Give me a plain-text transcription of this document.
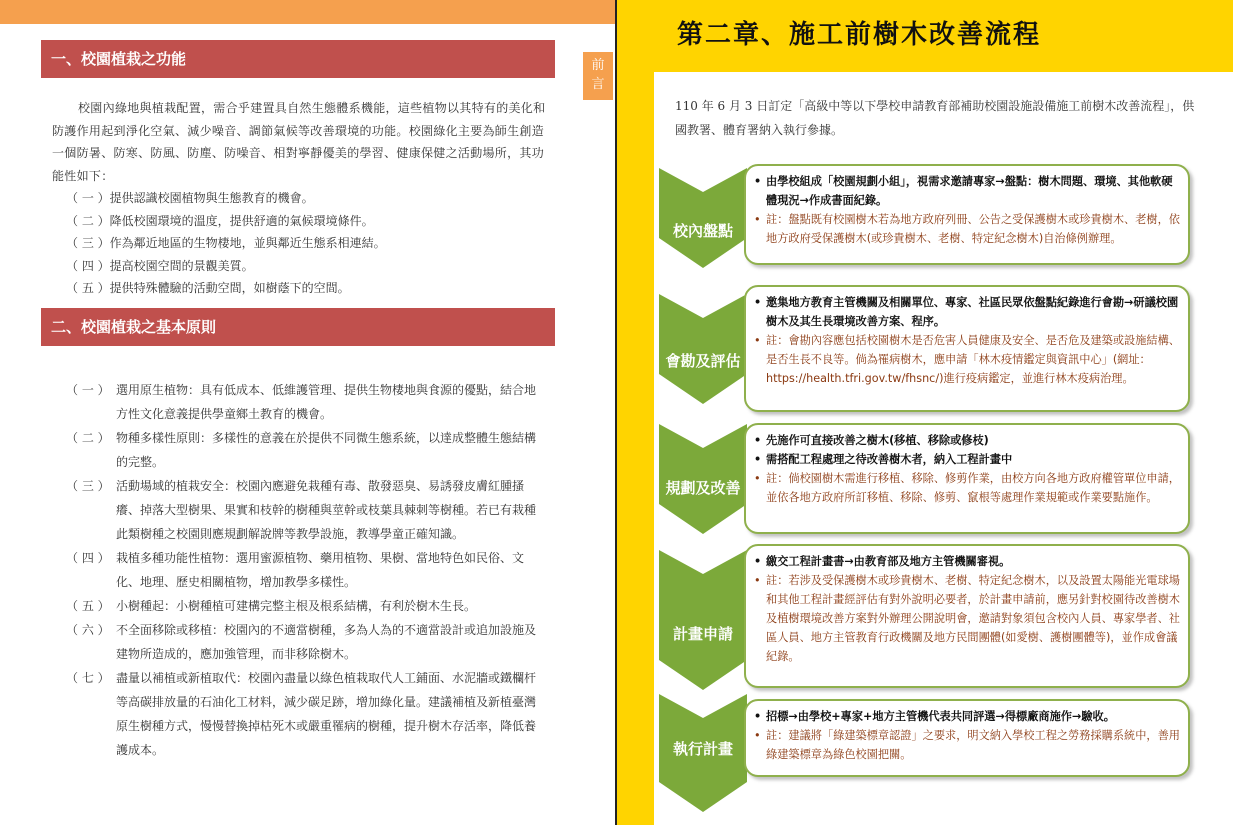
前
言
一、校園植栽之功能

校園內綠地與植栽配置，需合乎建置具自然生態體系機能，這些植物以其特有的美化和防護作用起到淨化空氣、減少噪音、調節氣候等改善環境的功能。校園綠化主要為師生創造一個防暑、防寒、防風、防塵、防噪音、相對寧靜優美的學習、健康保健之活動場所，其功能性如下：

（ 一 ）提供認識校園植物與生態教育的機會。
（ 二 ）降低校園環境的溫度，提供舒適的氣候環境條件。
（ 三 ）作為鄰近地區的生物棲地，並與鄰近生態系相連結。
（ 四 ）提高校園空間的景觀美質。
（ 五 ）提供特殊體驗的活動空間，如樹蔭下的空間。
二、校園植栽之基本原則
（ 一 ） 選用原生植物：具有低成本、低維護管理、提供生物棲地與食源的優點，結合地方性文化意義提供學童鄉土教育的機會。
（ 二 ） 物種多樣性原則：多樣性的意義在於提供不同微生態系統，以達成整體生態結構的完整。
（ 三 ） 活動場域的植栽安全：校園內應避免栽種有毒、散發惡臭、易誘發皮膚紅腫搔癢、掉落大型樹果、果實和枝幹的樹種與莖幹或枝葉具棘刺等樹種。若已有栽種此類樹種之校園則應規劃解說牌等教學設施，教導學童正確知識。
（ 四 ） 栽植多種功能性植物：選用蜜源植物、藥用植物、果樹、當地特色如民俗、文化、地理、歷史相關植物，增加教學多樣性。
（ 五 ） 小樹種起：小樹種植可建構完整主根及根系結構，有利於樹木生長。
（ 六 ） 不全面移除或移植：校園內的不適當樹種，多為人為的不適當設計或追加設施及建物所造成的，應加強管理，而非移除樹木。
（ 七 ） 盡量以補植或新植取代：校園內盡量以綠色植栽取代人工鋪面、水泥牆或鐵欄杆等高碳排放量的石油化工材料，減少碳足跡，增加綠化量。建議補植及新植臺灣原生樹種方式，慢慢替換掉枯死木或嚴重罹病的樹種，提升樹木存活率，降低養護成本。
第二章、施工前樹木改善流程

110 年 6 月 3 日訂定「高級中等以下學校申請教育部補助校園設施設備施工前樹木改善流程」，供國教署、體育署納入執行參據。

校內盤點

• 由學校組成「校園規劃小組」，視需求邀請專家→盤點：樹木問題、環境、其他軟硬體現況→作成書面紀錄。

• 註：盤點既有校園樹木若為地方政府列冊、公告之受保護樹木或珍貴樹木、老樹，依地方政府受保護樹木(或珍貴樹木、老樹、特定紀念樹木)自治條例辦理。

會勘及評估

• 邀集地方教育主管機關及相關單位、專家、社區民眾依盤點紀錄進行會勘→研議校園樹木及其生長環境改善方案、程序。

• 註：會勘內容應包括校園樹木是否危害人員健康及安全、是否危及建築或設施結構、是否生長不良等。倘為罹病樹木，應申請「林木疫情鑑定與資訊中心」(網址：https://health.tfri.gov.tw/fhsnc/)進行疫病鑑定，並進行林木疫病治理。

規劃及改善

• 先施作可直接改善之樹木(移植、移除或修枝)

• 需搭配工程處理之待改善樹木者，納入工程計畫中

• 註：倘校園樹木需進行移植、移除、修剪作業，由校方向各地方政府權管單位申請，並依各地方政府所訂移植、移除、修剪、竄根等處理作業規範或作業要點施作。

計畫申請

• 繳交工程計畫書→由教育部及地方主管機關審視。

• 註：若涉及受保護樹木或珍貴樹木、老樹、特定紀念樹木，以及設置太陽能光電球場和其他工程計畫經評估有對外說明必要者，於計畫申請前，應另針對校園待改善樹木及植樹環境改善方案對外辦理公開說明會，邀請對象須包含校內人員、專家學者、社區人員、地方主管教育行政機關及地方民間團體(如愛樹、護樹團體等)，並作成會議紀錄。

執行計畫

• 招標→由學校+專家+地方主管機代表共同評選→得標廠商施作→驗收。

• 註：建議將「綠建築標章認證」之要求，明文納入學校工程之勞務採購系統中，善用綠建築標章為綠色校園把關。
